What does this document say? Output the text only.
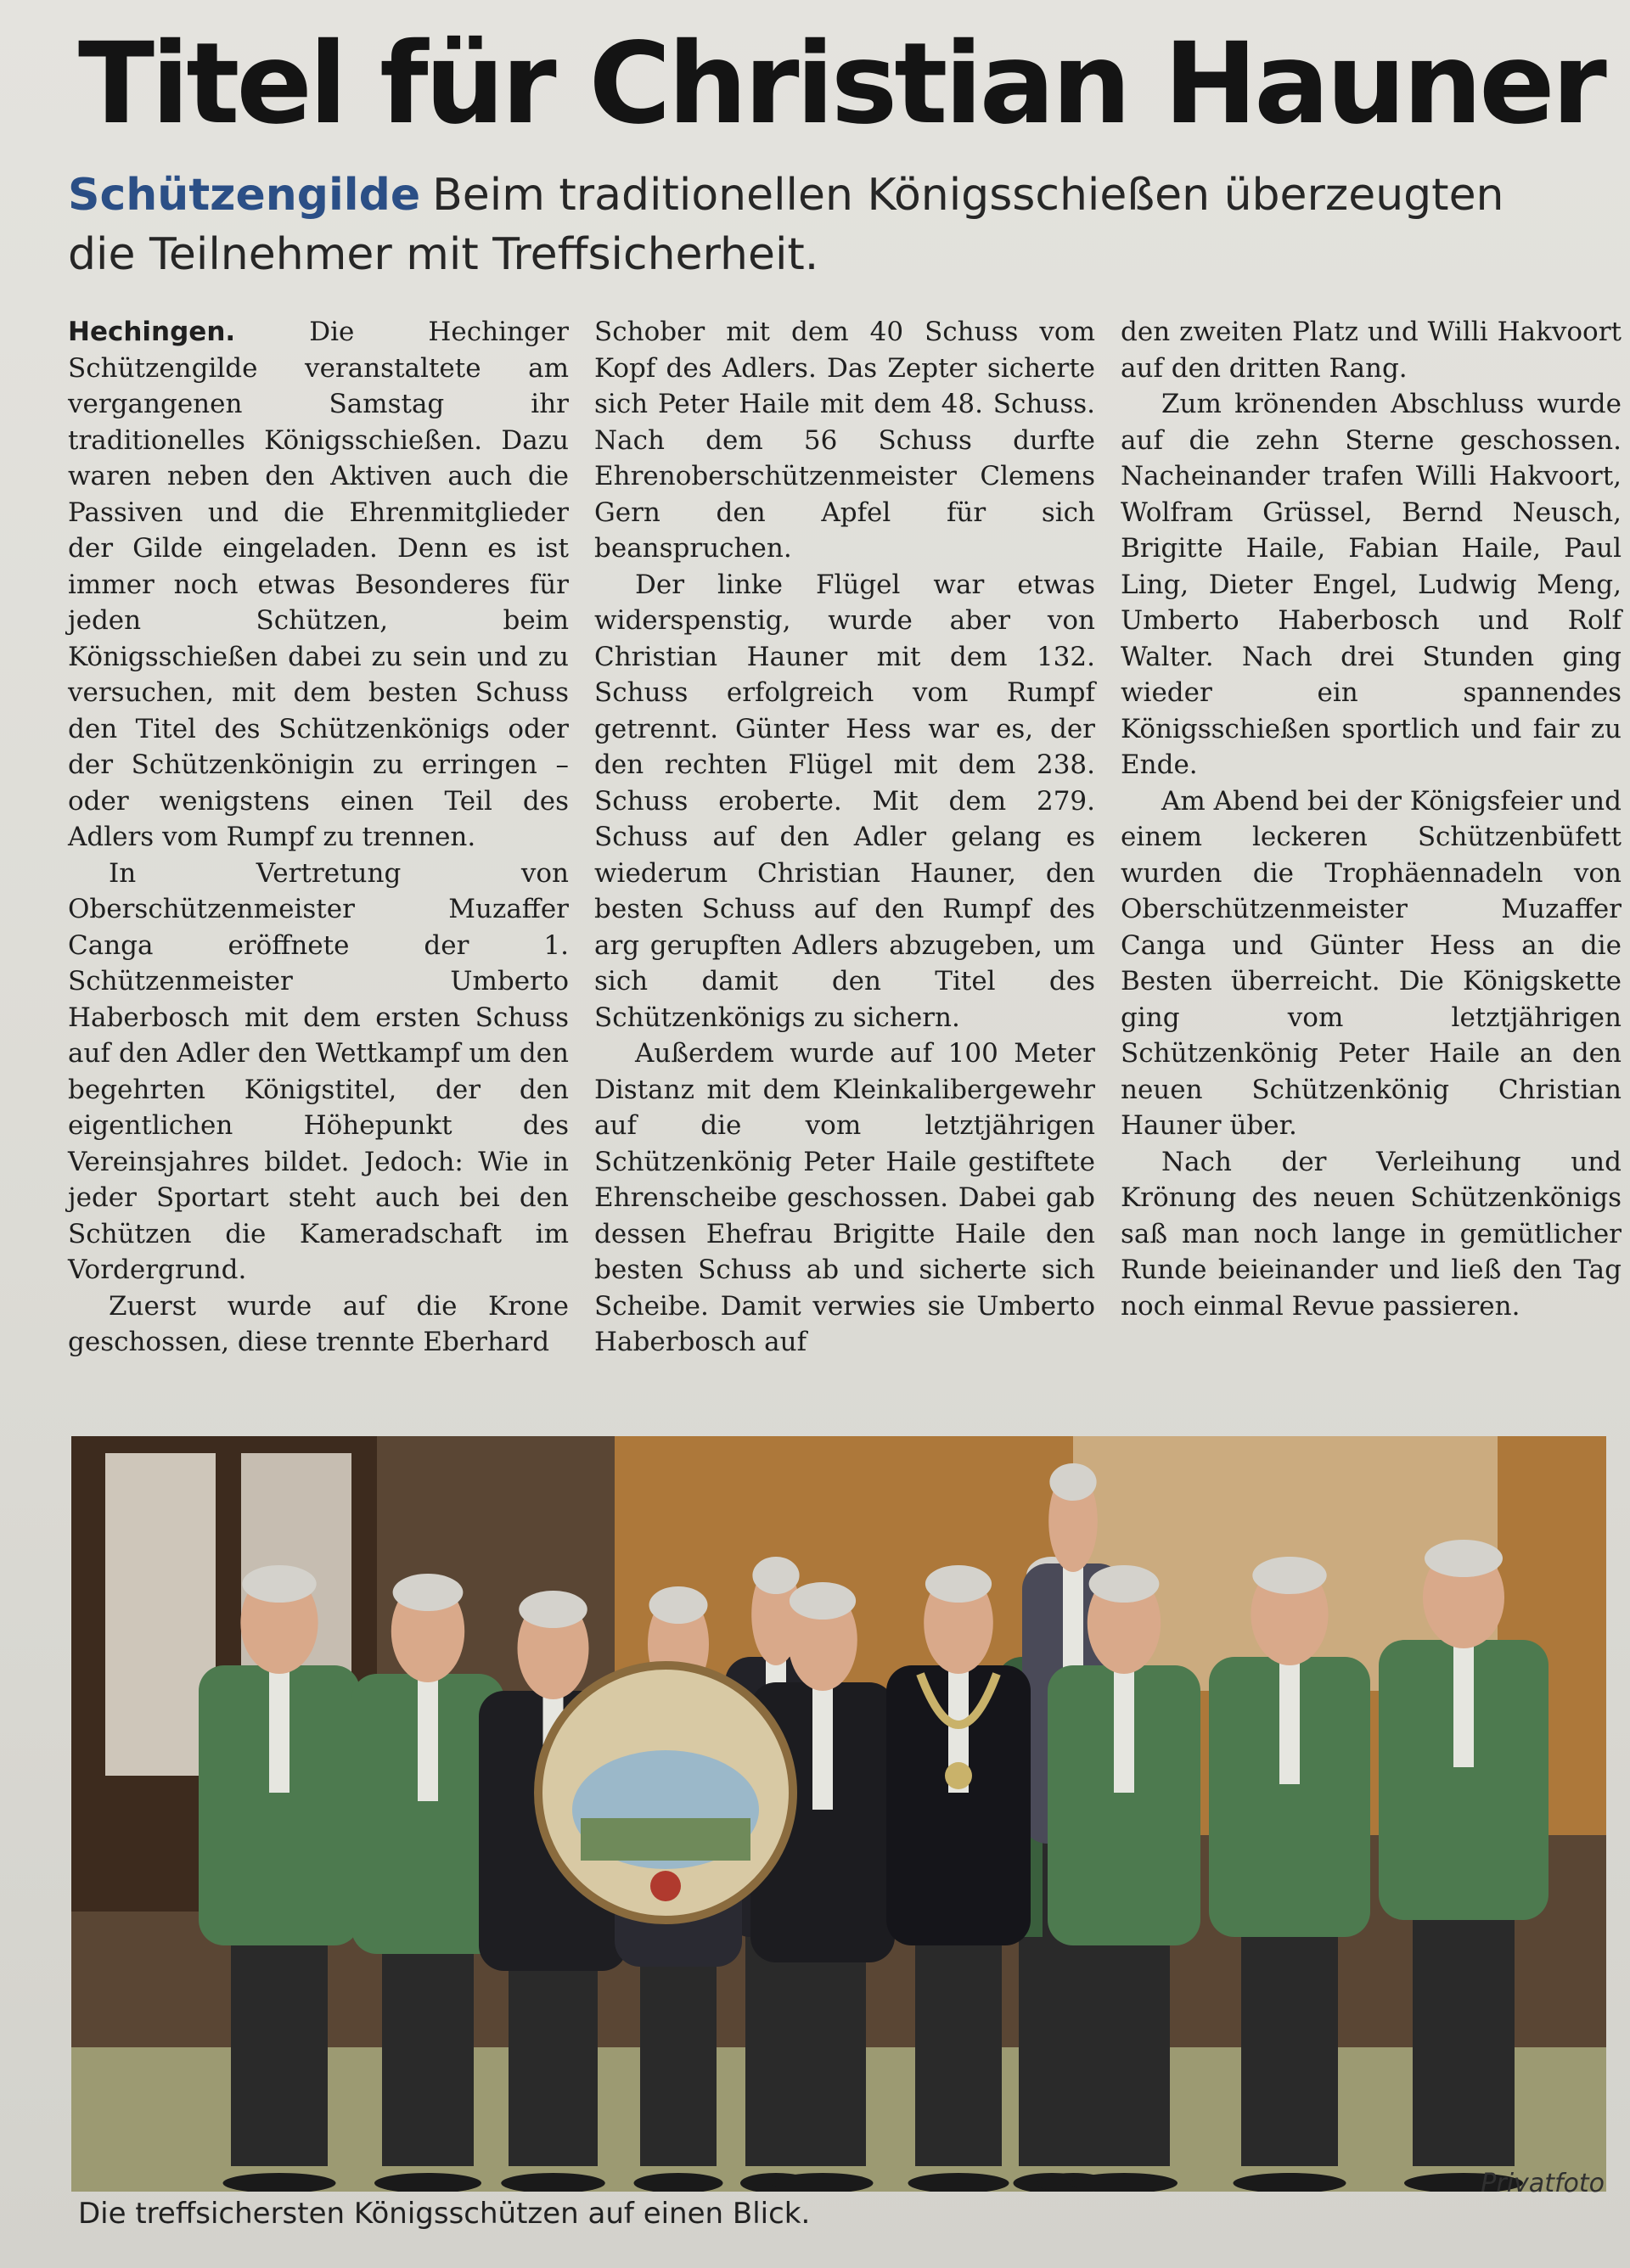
Titel für Christian Hauner

Schützengilde Beim traditionellen Königsschießen überzeugten die Teilnehmer mit Treffsicherheit.

Hechingen.	Die Hechinger Schützengilde veranstaltete am vergangenen Samstag ihr traditionelles Königsschießen. Dazu waren neben den Aktiven auch die Passiven und die Ehrenmitglieder der Gilde eingeladen. Denn es ist immer noch etwas Besonderes für jeden Schützen, beim Königsschießen dabei zu sein und zu versuchen, mit dem besten Schuss den Titel des Schützenkönigs oder der Schützenkönigin zu erringen – oder wenigstens einen Teil des Adlers vom Rumpf zu trennen.

In Vertretung von Oberschützenmeister Muzaffer Canga eröffnete der 1. Schützenmeister Umberto Haberbosch mit dem ersten Schuss auf den Adler den Wettkampf um den begehrten Königstitel, der den eigentlichen Höhepunkt des Vereinsjahres bildet. Jedoch: Wie in jeder Sportart steht auch bei den Schützen die Kameradschaft im Vordergrund.

Zuerst wurde auf die Krone geschossen, diese trennte Eberhard

Schober mit dem 40 Schuss vom Kopf des Adlers. Das Zepter sicherte sich Peter Haile mit dem 48. Schuss. Nach dem 56 Schuss durfte Ehrenoberschützenmeister Clemens Gern den Apfel für sich beanspruchen.

Der linke Flügel war etwas widerspenstig, wurde aber von Christian Hauner mit dem 132. Schuss erfolgreich vom Rumpf getrennt. Günter Hess war es, der den rechten Flügel mit dem 238. Schuss eroberte. Mit dem 279. Schuss auf den Adler gelang es wiederum Christian Hauner, den besten Schuss auf den Rumpf des arg gerupften Adlers abzugeben, um sich damit den Titel des Schützenkönigs zu sichern.

Außerdem wurde auf 100 Meter Distanz mit dem Kleinkalibergewehr auf die vom letztjährigen Schützenkönig Peter Haile gestiftete Ehrenscheibe geschossen. Dabei gab dessen Ehefrau Brigitte Haile den besten Schuss ab und sicherte sich Scheibe. Damit verwies sie Umberto Haberbosch auf

den zweiten Platz und Willi Hakvoort auf den dritten Rang.

Zum krönenden Abschluss wurde auf die zehn Sterne geschossen. Nacheinander trafen Willi Hakvoort, Wolfram Grüssel, Bernd Neusch, Brigitte Haile, Fabian Haile, Paul Ling, Dieter Engel, Ludwig Meng, Umberto Haberbosch und Rolf Walter. Nach drei Stunden ging wieder ein spannendes Königsschießen sportlich und fair zu Ende.

Am Abend bei der Königsfeier und einem leckeren Schützenbüfett wurden die Trophäennadeln von Oberschützenmeister Muzaffer Canga und Günter Hess an die Besten überreicht. Die Königskette ging vom letztjährigen Schützenkönig Peter Haile an den neuen Schützenkönig Christian Hauner über.

Nach der Verleihung und Krönung des neuen Schützenkönigs saß man noch lange in gemütlicher Runde beieinander und ließ den Tag noch einmal Revue passieren.

Privatfoto

Die treffsichersten Königsschützen auf einen Blick.
